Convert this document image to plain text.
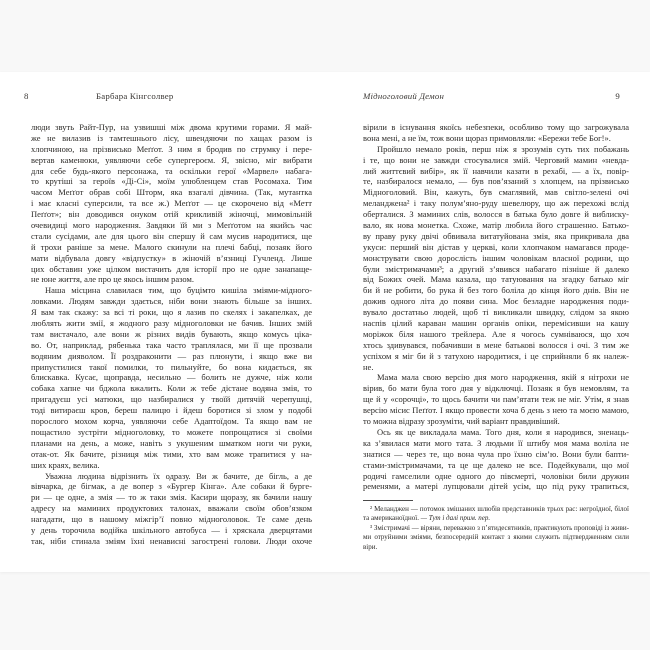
8	Барбара Кінгсолвер
люди звуть Райт-Пур, на узвишші між двома крутими горами. Я май-
же не вилазив із тамтешнього лісу, швендяючи по хащах разом із
хлопчиною, на прізвисько Меґґот. З ним я бродив по струмку і пере-
вертав каменюки, уявляючи себе супергероєм. Я, звісно, міг вибрати
для себе будь-якого персонажа, та оскільки герої «Марвел» набага-
то крутіші за героїв «Ді-Сі», моїм улюбленцем став Росомаха. Тим
часом Меґґот обрав собі Шторм, яка взагалі дівчина. (Так, мутантка
і має класні суперсили, та все ж.) Меґґот — це скорочено від «Метт
Пеґґот»; він доводився онуком отій крикливій жіночці, мимовільній
очевидиці мого народження. Завдяки їй ми з Меґґотом на якийсь час
стали сусідами, але для цього він спершу й сам мусив народитися, ще
й трохи раніше за мене. Малого скинули на плечі бабці, позаяк його
мати відбувала довгу «відпустку» в жіночій в’язниці Гучленд. Лише
цих обставин уже цілком вистачить для історії про не одне занапаще-
не юне життя, але про це якось іншим разом.
Наша місцина славилася тим, що буцімто кишіла зміями-мідного-
ловками. Людям завжди здається, ніби вони знають більше за інших.
Я вам так скажу: за всі ті роки, що я лазив по скелях і закапелках, де
люблять жити змії, я жодного разу мідноголовки не бачив. Інших змій
там вистачало, але вони ж різних видів бувають, якщо комусь ціка-
во. От, наприклад, рябенька така часто траплялася, ми її ще прозвали
водяним дияволом. Її роздраконити — раз плюнути, і якщо вже ви
припустилися такої помилки, то пильнуйте, бо вона кидається, як
блискавка. Кусає, щоправда, несильно — болить не дужче, ніж коли
собака хапне чи бджола вжалить. Коли ж тебе дістане водяна змія, то
пригадуєш усі матюки, що назбиралися у твоїй дитячій черепушці,
тоді витираєш кров, береш палицю і йдеш боротися зі злом у подобі
порослого мохом корча, уявляючи себе Адаптоїдом. Та якщо вам не
пощастило зустріти мідноголовку, то можете попрощатися зі своїми
планами на день, а може, навіть з укушеним шматком ноги чи руки,
отак-от. Як бачите, різниця між тими, хто вам може трапитися у на-
ших краях, велика.
Уважна людина відрізнить їх одразу. Ви ж бачите, де бігль, а де
вівчарка, де бігмак, а де вопер з «Бургер Кінга». Але собаки й бурге-
ри — це одне, а змія — то ж таки змія. Касири щоразу, як бачили нашу
адресу на маминих продуктових талонах, вважали своїм обов’язком
нагадати, що в нашому міжгір’ї повно мідноголовок. Те саме день
у день торочила водійка шкільного автобуса — і хряскала дверцятами
так, ніби стинала зміям їхні ненависні загострені голови. Люди охоче
Мідноголовий Демон	9
вірили в існування якоїсь небезпеки, особливо тому що загрожувала
вона мені, а не їм, тож вони щораз примовляли: «Бережи тебе Бог!».
Пройшло немало років, перш ніж я зрозумів суть тих побажань
і те, що вони не завжди стосувалися змій. Черговий мамин «невда-
лий життєвий вибір», як її навчили казати в рехабі, — а їх, повір-
те, назбиралося немало, — був пов’язаний з хлопцем, на прізвисько
Мідноголовий. Він, кажуть, був смаглявий, мав світло-зелені очі
меланджена² і таку полум’яно-руду шевелюру, що аж перехожі вслід
оберталися. З маминих слів, волосся в батька було довге й виблиску-
вало, як нова монетка. Схоже, матір любила його страшенно. Батько-
ву праву руку двічі обвивала витатуйована змія, яка прикривала два
укуси: перший він дістав у церкві, коли хлопчаком намагався проде-
монструвати свою дорослість іншим чоловікам власної родини, що
були змістримачами³; а другий з’явився набагато пізніше й далеко
від Божих очей. Мама казала, що татуювання на згадку батько міг
би й не робити, бо рука й без того боліла до кінця його днів. Він не
дожив одного літа до появи сина. Моє безладне народження поди-
вувало достатньо людей, щоб ті викликали швидку, слідом за якою
наспів цілий караван машин органів опіки, перемісивши на кашу
моріжок біля нашого трейлера. Але я чогось сумніваюся, що хоч
хтось здивувався, побачивши в мене батькові волосся і очі. З тим же
успіхом я міг би й з татухою народитися, і це сприйняли б як належ-
не.
Мама мала свою версію дня мого народження, якій я нітрохи не
вірив, бо мати була того дня у відключці. Позаяк я був немовлям, та
ще й у «сорочці», то щось бачити чи пам’ятати теж не міг. Утім, я знав
версію місис Пеґґот. І якщо провести хоча б день з нею та моєю мамою,
то можна відразу зрозуміти, чий варіант правдивіший.
Ось як це викладала мама. Того дня, коли я народився, зненаць-
ка з’явилася мати мого тата. З людьми її штибу моя мама воліла не
знатися — через те, що вона чула про їхню сім’ю. Вони були бапти-
стами-змістримачами, та це ще далеко не все. Подейкували, що мої
родичі гамселили одне одного до півсмерті, чоловіки били дружин
ременями, а матері лупцювали дітей усім, що під руку трапиться,
² Меланджен — потомок змішаних шлюбів представників трьох рас: негроїдної, білої
та американоїдної. — Тут і далі прим. пер.
³ Змістримачі — віряни, переважно з п’ятидесятників, практикують проповіді із живи-
ми отруйними зміями, безпосередній контакт з якими служить підтвердженням сили віри.
